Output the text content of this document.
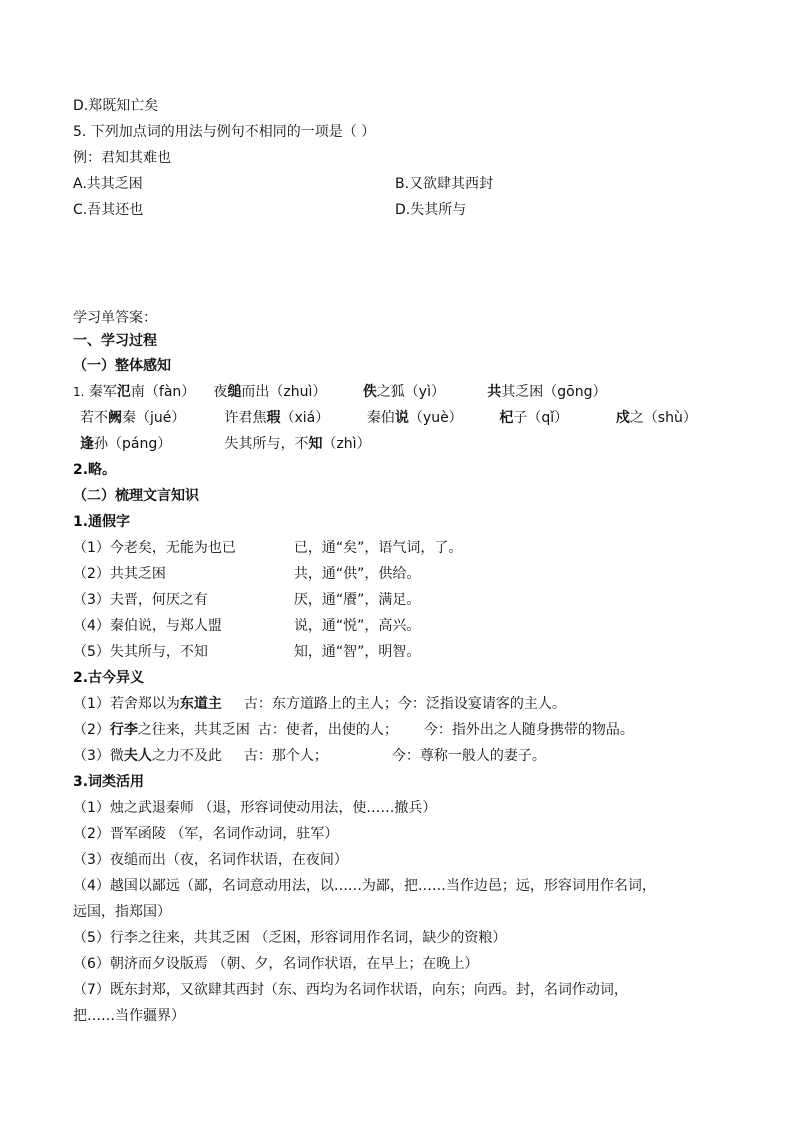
D.郑既知亡矣
5. 下列加点词的用法与例句不相同的一项是（ ）
例：君知其难也
A.共其乏困	B.又欲肆其西封
C.吾其还也	D.失其所与
学习单答案：
一、学习过程
（一）整体感知
1. 秦军氾南（fàn） 夜缒而出（zhuì）	佚之狐（yì）	共其乏困（gōng）
若不阙秦（jué）	许君焦瑕（xiá）	秦伯说（yuè）	杞子（qǐ）	戍之（shù）
逢孙（páng）	失其所与，不知（zhì）
2.略。
（二）梳理文言知识
1.通假字
（1）今老矣，无能为也已	已，通“矣”，语气词，了。
（2）共其乏困	共，通“供”，供给。
（3）夫晋，何厌之有	厌，通“餍”，满足。
（4）秦伯说，与郑人盟	说，通“悦”，高兴。
（5）失其所与，不知	知，通“智”，明智。
2.古今异义
（1）若舍郑以为东道主 古：东方道路上的主人；今：泛指设宴请客的主人。
（2）行李之往来，共其乏困 古：使者，出使的人； 今：指外出之人随身携带的物品。
（3）微夫人之力不及此 古：那个人；	今：尊称一般人的妻子。
3.词类活用
（1）烛之武退秦师 （退，形容词使动用法，使……撤兵）
（2）晋军函陵 （军，名词作动词，驻军）
（3）夜缒而出（夜，名词作状语，在夜间）
（4）越国以鄙远（鄙，名词意动用法，以……为鄙，把……当作边邑；远，形容词用作名词，
远国，指郑国）
（5）行李之往来，共其乏困 （乏困，形容词用作名词，缺少的资粮）
（6）朝济而夕设版焉 （朝、夕，名词作状语，在早上；在晚上）
（7）既东封郑，又欲肆其西封（东、西均为名词作状语，向东；向西。封，名词作动词，
把……当作疆界）
